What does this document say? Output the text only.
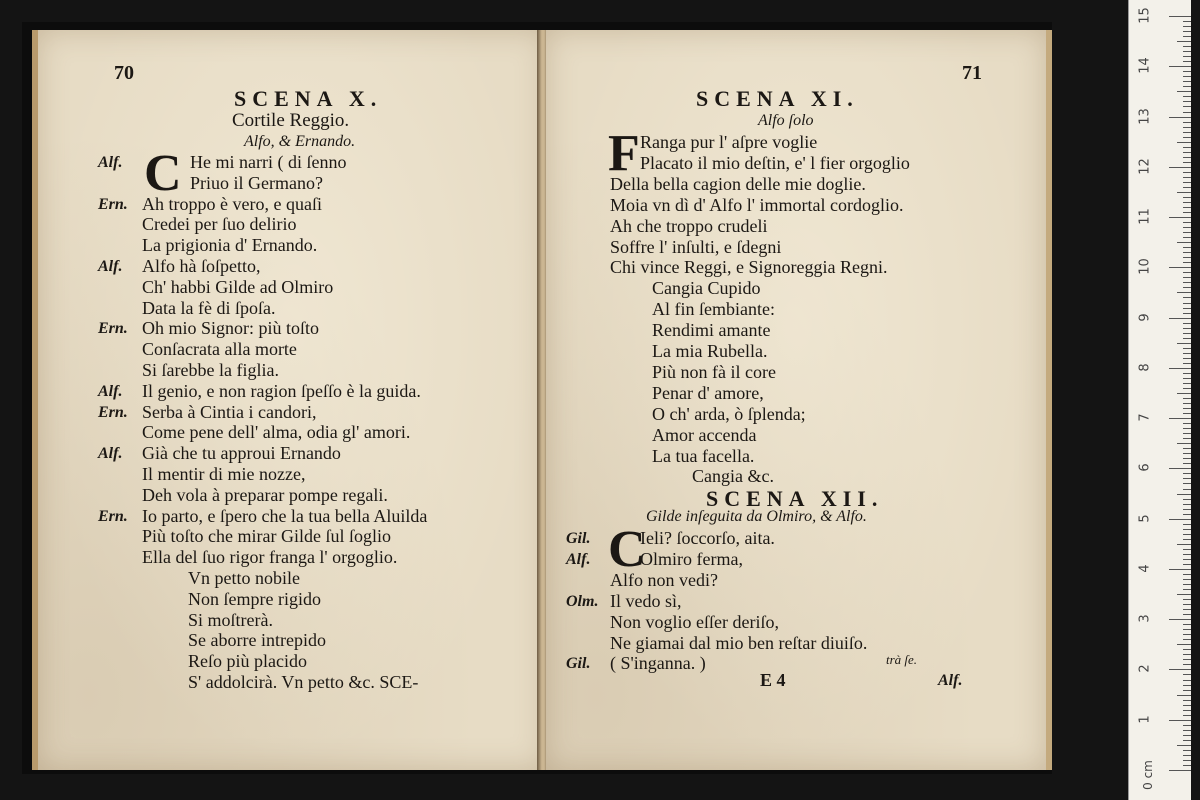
70
SCENA X.
Cortile Reggio.
Alfo, & Ernando.
C
Alf.	He mi narri ( di ſenno
Priuo il Germano?
Ern. Ah troppo è vero, e quaſi
Credei per ſuo delirio
La prigionia d' Ernando.
Alf. Alfo hà ſoſpetto,
Ch' habbi Gilde ad Olmiro
Data la fè di ſpoſa.
Ern. Oh mio Signor: più toſto
Conſacrata alla morte
Si ſarebbe la figlia.
Alf. Il genio, e non ragion ſpeſſo è la guida.
Ern. Serba à Cintia i candori,
Come pene dell' alma, odia gl' amori.
Alf. Già che tu approui Ernando
Il mentir di mie nozze,
Deh vola à preparar pompe regali.
Ern. Io parto, e ſpero che la tua bella Aluilda
Più toſto che mirar Gilde ſul ſoglio
Ella del ſuo rigor franga l' orgoglio.
Vn petto nobile
Non ſempre rigido
Si moſtrerà.
Se aborre intrepido
Reſo più placido
S' addolcirà. Vn petto &c. SCE-
71
SCENA XI.
Alfo ſolo
F Ranga pur l' aſpre voglie
Placato il mio deſtin, e' l fier orgoglio
Della bella cagion delle mie doglie.
Moia vn dì d' Alfo l' immortal cordoglio.
Ah che troppo crudeli
Soffre l' inſulti, e ſdegni
Chi vince Reggi, e Signoreggia Regni.
Cangia Cupido
Al fin ſembiante:
Rendimi amante
La mia Rubella.
Più non fà il core
Penar d' amore,
O ch' arda, ò ſplenda;
Amor accenda
La tua facella.
Cangia &c.
SCENA XII.
Gilde inſeguita da Olmiro, & Alfo.
C
Gil.	Ieli? ſoccorſo, aita.
Alf.	Olmiro ferma,
Alfo non vedi?
Olm. Il vedo sì,
Non voglio eſſer deriſo,
Ne giamai dal mio ben reſtar diuiſo.
Gil. ( S'inganna. )	trà ſe.
E 4	Alf.
15
14
13
12
11
10
9
8
7
6
5
4
3
2
1
0 cm
